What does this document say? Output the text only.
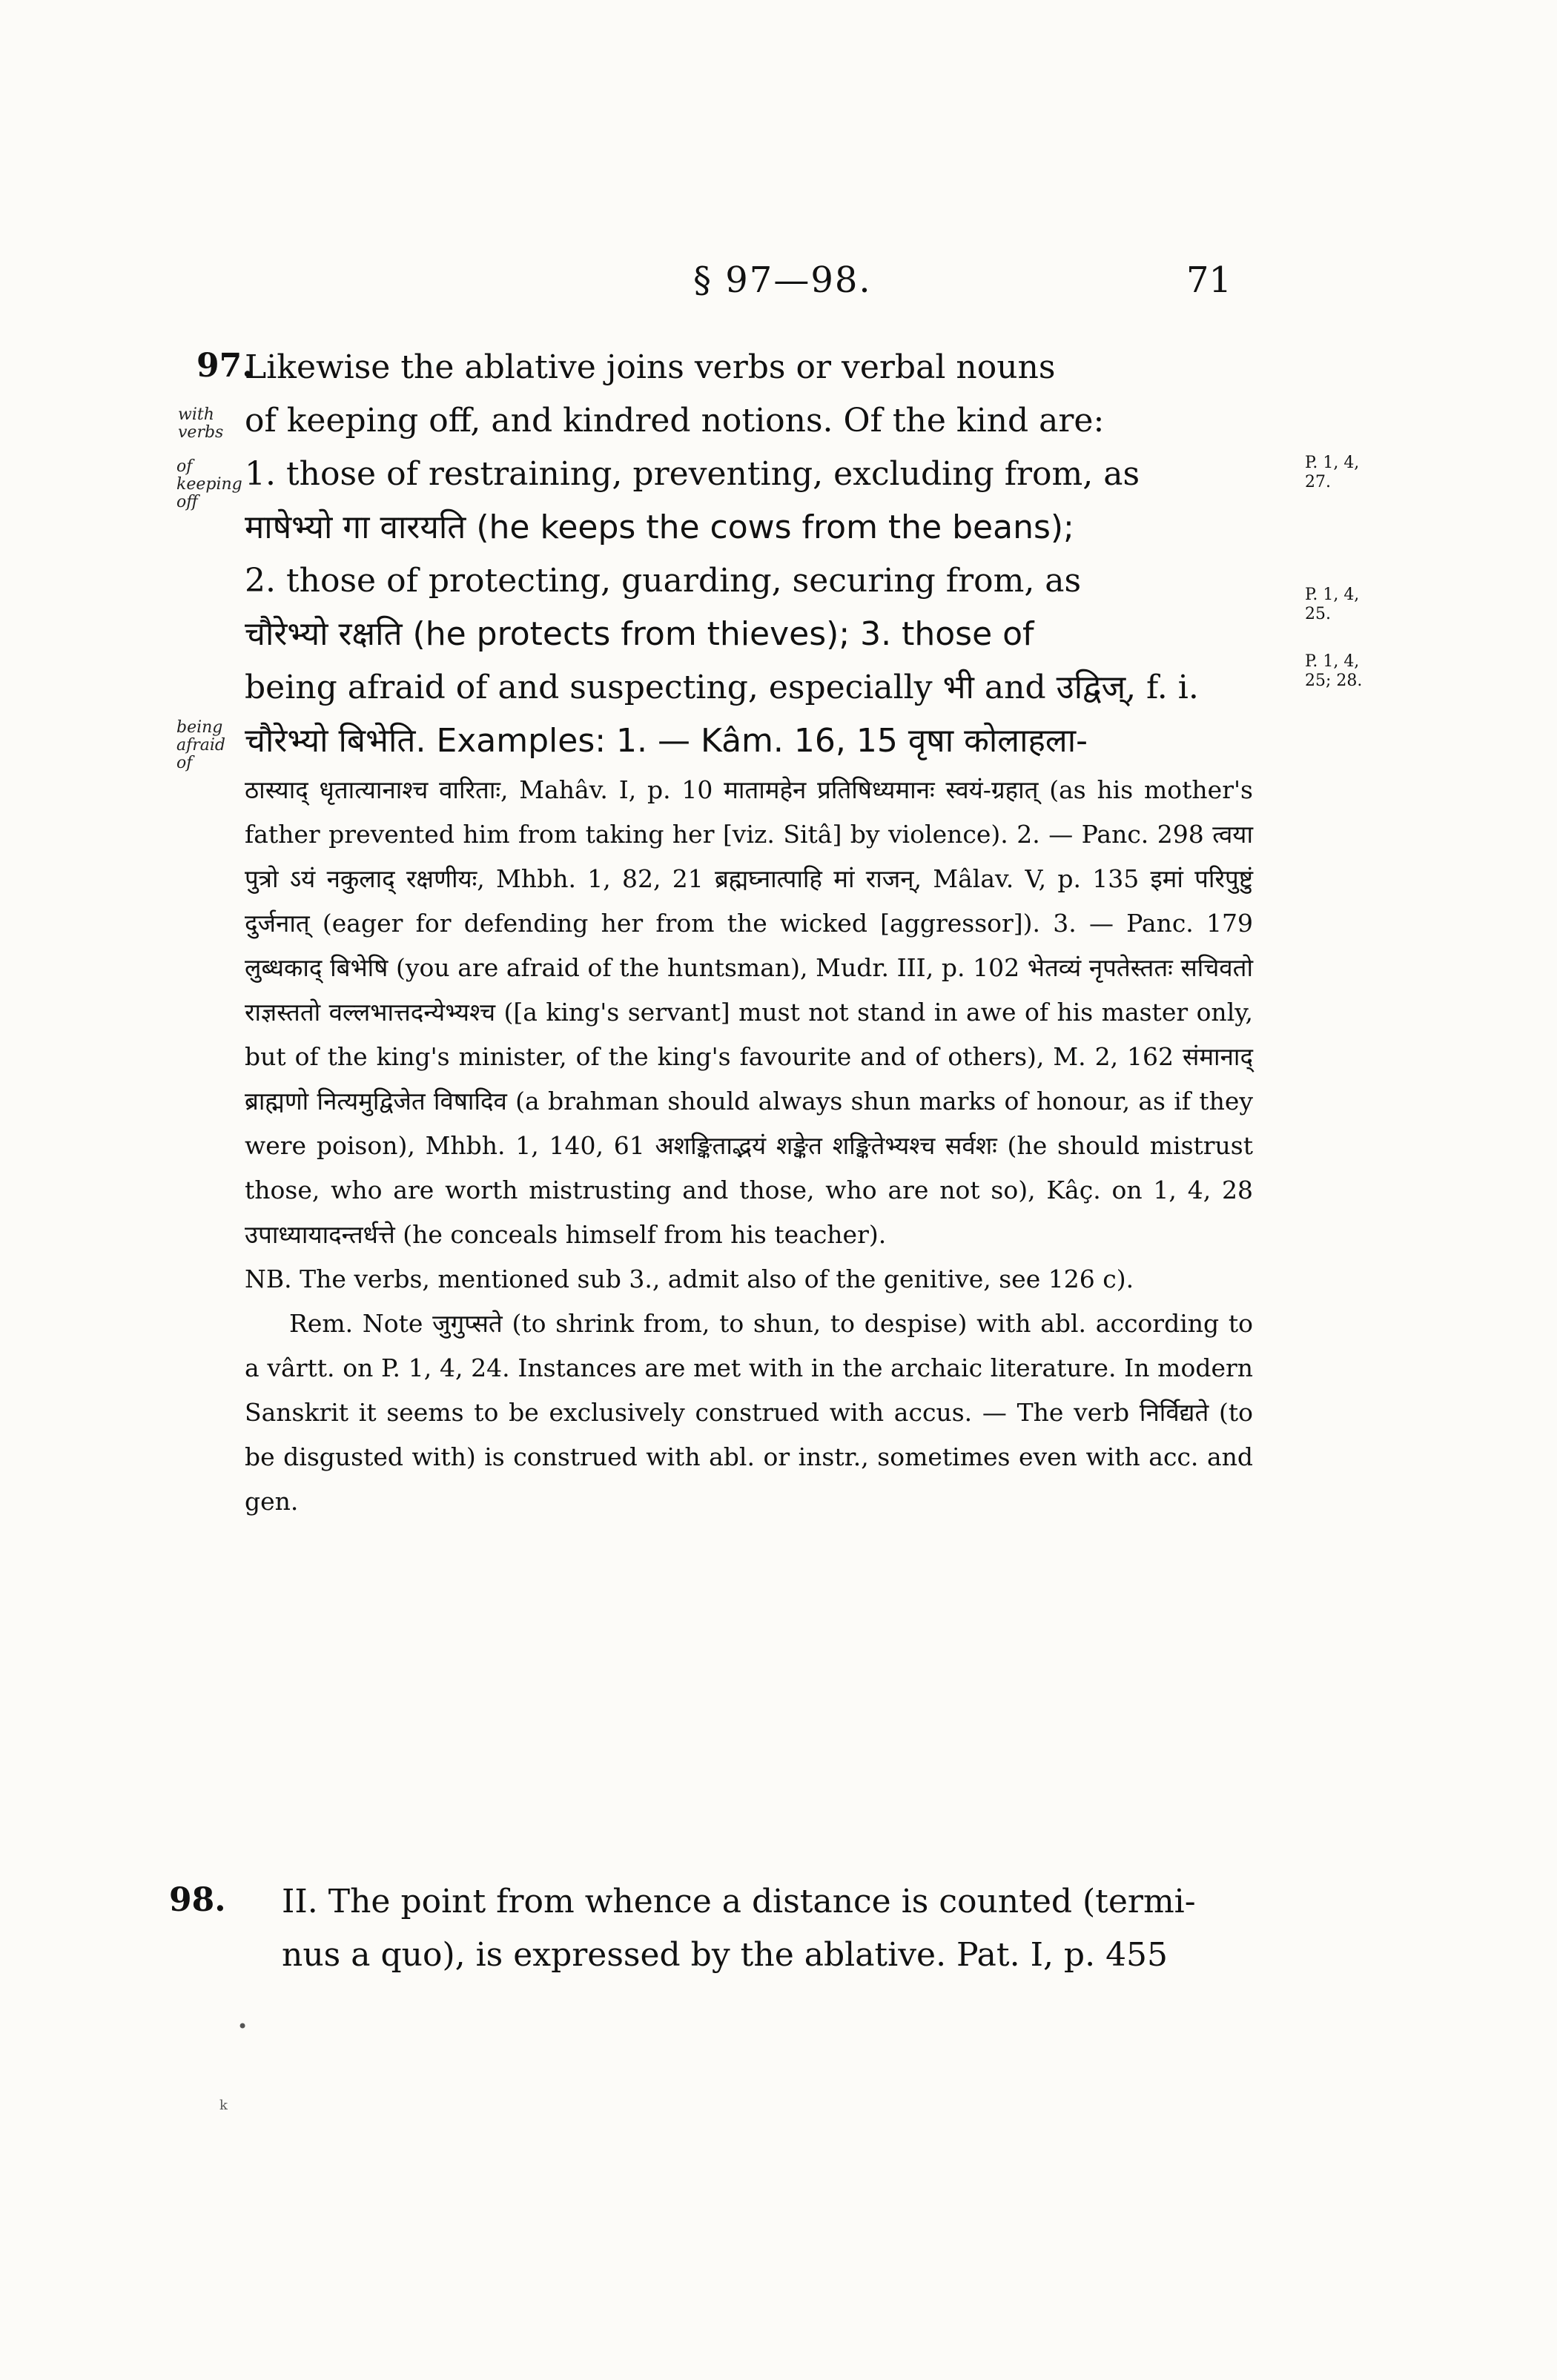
§ 97—98.	71
97.
with verbs
of keeping off
being afraid of
P. 1, 4, 27.
P. 1, 4, 25.
P. 1, 4, 25; 28.

Likewise the ablative joins verbs or verbal nouns

of keeping off, and kindred notions. Of the kind are:

1. those of restraining, preventing, excluding from, as

माषेभ्यो गा वारयति (he keeps the cows from the beans);

2. those of protecting, guarding, securing from, as

चौरेभ्यो रक्षति (he protects from thieves); 3. those of

being afraid of and suspecting, especially भी and उद्विज्, f. i.

चौरेभ्यो बिभेति. Examples: 1. — Kâm. 16, 15 वृषा कोलाहला-

ठास्याद् धृतात्यानाश्च वारिताः, Mahâv. I, p. 10 मातामहेन प्रतिषिध्यमानः स्वयं-ग्रहात् (as his mother's father prevented him from taking her [viz. Sitâ] by violence). 2. — Panc. 298 त्वया पुत्रो ऽयं नकुलाद् रक्षणीयः, Mhbh. 1, 82, 21 ब्रह्मघ्नात्पाहि मां राजन्, Mâlav. V, p. 135 इमां परिपुष्टुं दुर्जनात् (eager for defending her from the wicked [aggressor]). 3. — Panc. 179 लुब्धकाद् बिभेषि (you are afraid of the huntsman), Mudr. III, p. 102 भेतव्यं नृपतेस्ततः सचिवतो राज्ञस्ततो वल्लभात्तदन्येभ्यश्च ([a king's servant] must not stand in awe of his master only, but of the king's minister, of the king's favourite and of others), M. 2, 162 संमानाद् ब्राह्मणो नित्यमुद्विजेत विषादिव (a brahman should always shun marks of honour, as if they were poison), Mhbh. 1, 140, 61 अशङ्किताद्भयं शङ्केत शङ्कितेभ्यश्च सर्वशः (he should mistrust those, who are worth mistrusting and those, who are not so), Kâç. on 1, 4, 28 उपाध्यायादन्तर्धत्ते (he conceals himself from his teacher).

NB. The verbs, mentioned sub 3., admit also of the genitive, see 126 c).

Rem. Note जुगुप्सते (to shrink from, to shun, to despise) with abl. according to a vârtt. on P. 1, 4, 24. Instances are met with in the archaic literature. In modern Sanskrit it seems to be exclusively construed with accus. — The verb निर्विद्यते (to be disgusted with) is construed with abl. or instr., sometimes even with acc. and gen.

98. II. The point from whence a distance is counted (termi-

nus a quo), is expressed by the ablative. Pat. I, p. 455

•
k
